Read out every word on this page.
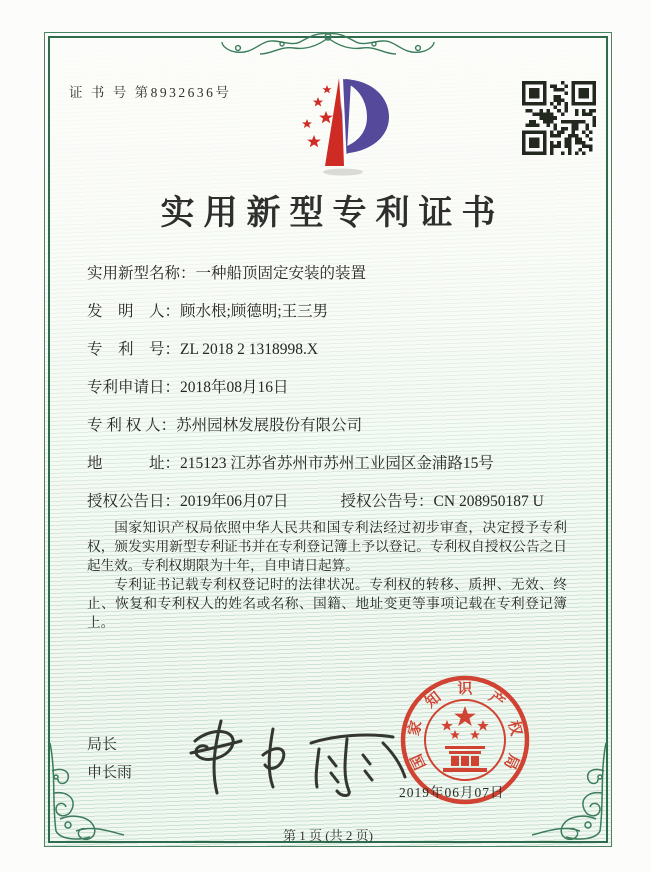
证 书 号 第8932636号
实用新型专利证书
实用新型名称：一种船顶固定安装的装置
发　明　人：顾水根;顾德明;王三男
专　利　号：ZL 2018 2 1318998.X
专利申请日：2018年08月16日
专 利 权 人：苏州园林发展股份有限公司
地　　　址：215123 江苏省苏州市苏州工业园区金浦路15号
授权公告日：2019年06月07日	授权公告号：CN 208950187 U

国家知识产权局依照中华人民共和国专利法经过初步审查，决定授予专利权，颁发实用新型专利证书并在专利登记簿上予以登记。专利权自授权公告之日起生效。专利权期限为十年，自申请日起算。

专利证书记载专利权登记时的法律状况。专利权的转移、质押、无效、终止、恢复和专利权人的姓名或名称、国籍、地址变更等事项记载在专利登记簿上。

局长
申长雨
国
家
知
识 产
权
局
2019年06月07日
第 1 页 (共 2 页)
